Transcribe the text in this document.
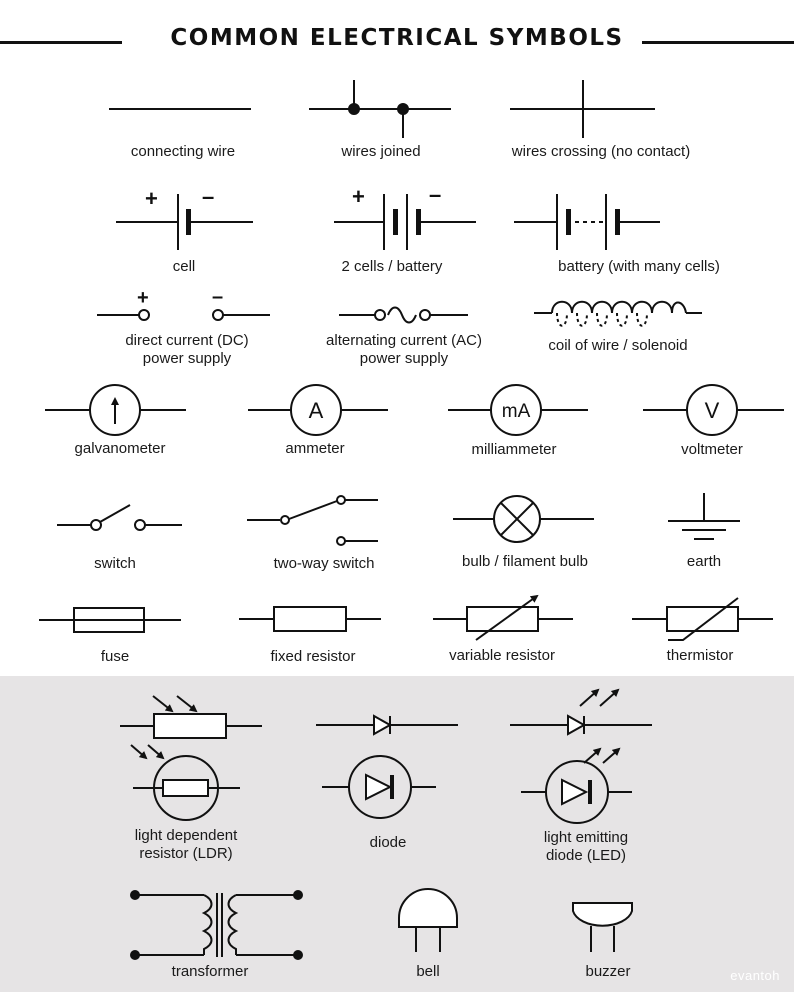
COMMON ELECTRICAL SYMBOLS
+ –	+	–
+	–
A	mA	V
connecting wire	wires joined	wires crossing (no contact)
cell	2 cells / battery	battery (with many cells)
direct current (DC)
power supply
alternating current (AC)
power supply
coil of wire / solenoid
galvanometer	ammeter	milliammeter	voltmeter
switch	two-way switch	bulb / filament bulb	earth
fuse	fixed resistor	variable resistor	thermistor
light dependent
resistor (LDR)
diode	light emitting
diode (LED)
transformer	bell	buzzer	evantoh
